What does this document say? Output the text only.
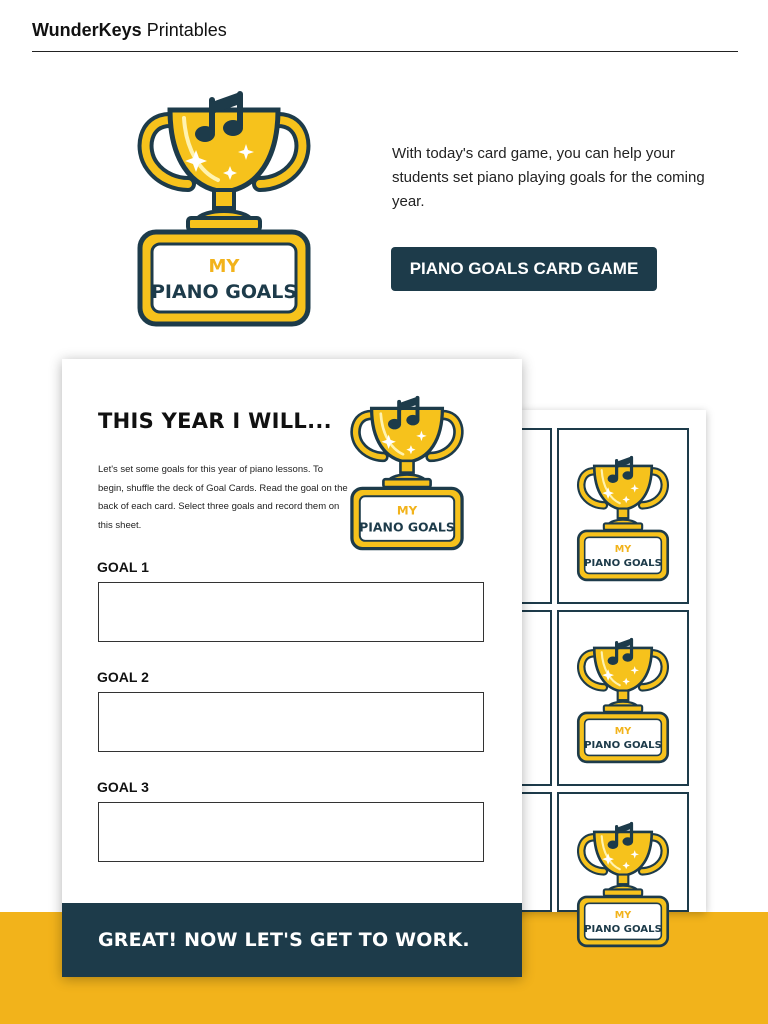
WunderKeys Printables
MY
PIANO GOALS

With today's card game, you can help your students set piano playing goals for the coming year.

PIANO GOALS CARD GAME
MY
PIANO GOALS
MY
PIANO GOALS
MY
PIANO GOALS
THIS YEAR I WILL...

Let's set some goals for this year of piano lessons. To begin, shuffle the deck of Goal Cards. Read the goal on the back of each card. Select three goals and record them on this sheet.

MY
PIANO GOALS
GOAL 1
GOAL 2
GOAL 3
GREAT! NOW LET'S GET TO WORK.
